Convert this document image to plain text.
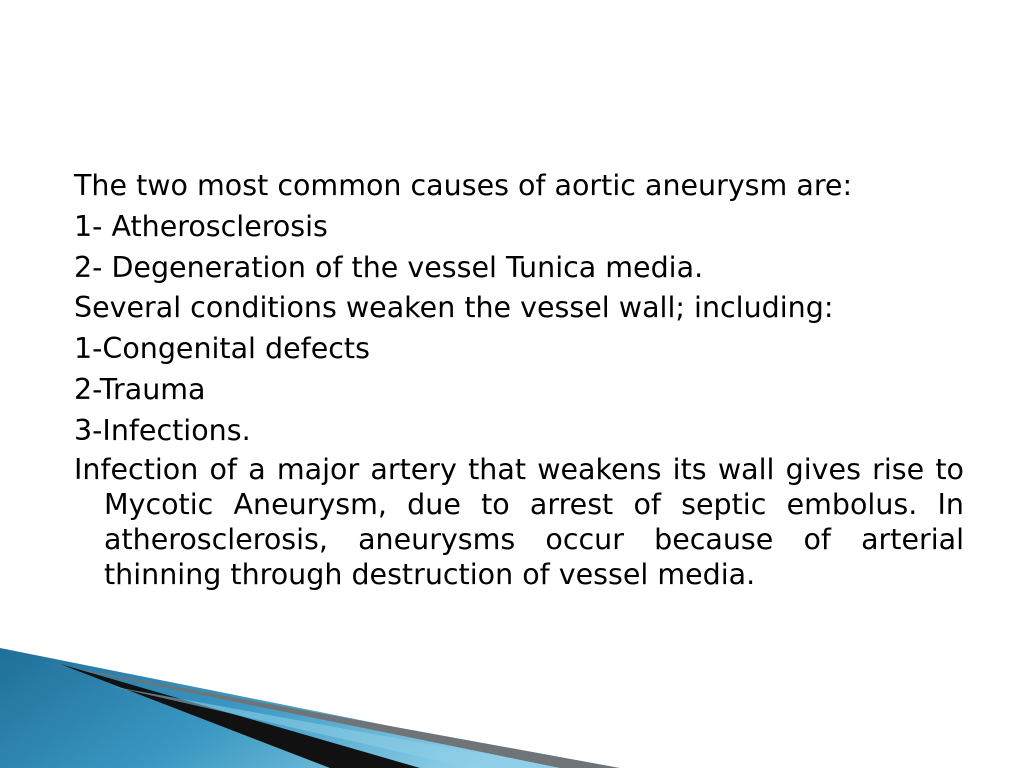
The two most common causes of aortic aneurysm are:
1- Atherosclerosis
2- Degeneration of the vessel Tunica media.
Several conditions weaken the vessel wall; including:
1-Congenital defects
2-Trauma
3-Infections.
Infection of a major artery that weakens its wall gives rise to Mycotic Aneurysm, due to arrest of septic embolus. In atherosclerosis, aneurysms occur because of arterial thinning through destruction of vessel media.
